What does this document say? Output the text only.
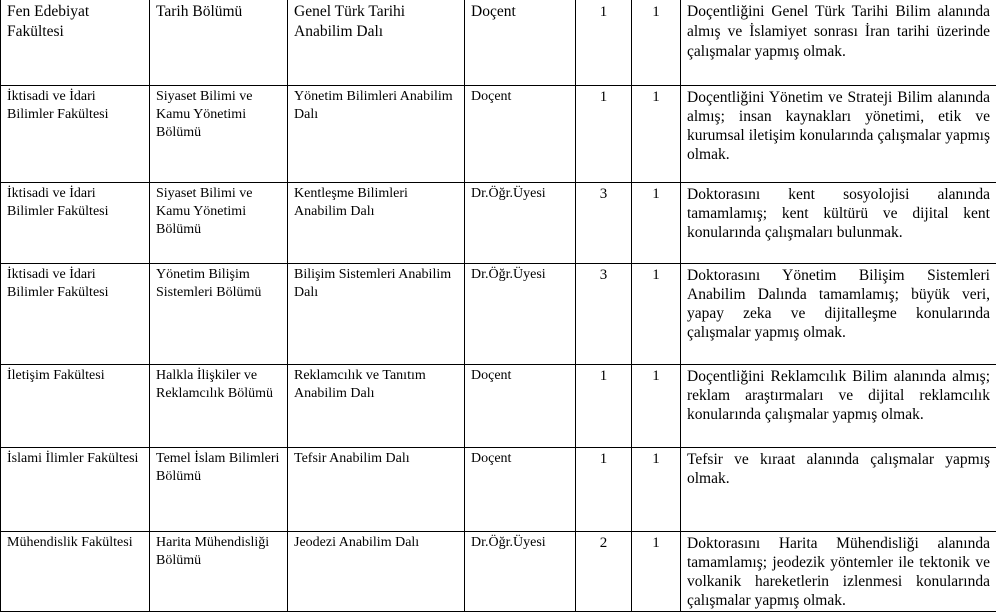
Fen Edebiyat Fakültesi	Tarih Bölümü	Genel Türk Tarihi Anabilim Dalı	Doçent	1	1	Doçentliğini Genel Türk Tarihi Bilim alanında almış ve İslamiyet sonrası İran tarihi üzerinde çalışmalar yapmış olmak.
İktisadi ve İdari Bilimler Fakültesi	Siyaset Bilimi ve Kamu Yönetimi Bölümü	Yönetim Bilimleri Anabilim Dalı	Doçent	1	1	Doçentliğini Yönetim ve Strateji Bilim alanında almış; insan kaynakları yönetimi, etik ve kurumsal iletişim konularında çalışmalar yapmış olmak.
İktisadi ve İdari Bilimler Fakültesi	Siyaset Bilimi ve Kamu Yönetimi Bölümü	Kentleşme Bilimleri Anabilim Dalı	Dr.Öğr.Üyesi	3	1	Doktorasını kent sosyolojisi alanında tamamlamış; kent kültürü ve dijital kent konularında çalışmaları bulunmak.
İktisadi ve İdari Bilimler Fakültesi	Yönetim Bilişim Sistemleri Bölümü	Bilişim Sistemleri Anabilim Dalı	Dr.Öğr.Üyesi	3	1	Doktorasını Yönetim Bilişim Sistemleri Anabilim Dalında tamamlamış; büyük veri, yapay zeka ve dijitalleşme konularında çalışmalar yapmış olmak.
İletişim Fakültesi	Halkla İlişkiler ve Reklamcılık Bölümü	Reklamcılık ve Tanıtım Anabilim Dalı	Doçent	1	1	Doçentliğini Reklamcılık Bilim alanında almış; reklam araştırmaları ve dijital reklamcılık konularında çalışmalar yapmış olmak.
İslami İlimler Fakültesi	Temel İslam Bilimleri Bölümü	Tefsir Anabilim Dalı	Doçent	1	1	Tefsir ve kıraat alanında çalışmalar yapmış olmak.
Mühendislik Fakültesi	Harita Mühendisliği Bölümü	Jeodezi Anabilim Dalı	Dr.Öğr.Üyesi	2	1	Doktorasını Harita Mühendisliği alanında tamamlamış; jeodezik yöntemler ile tektonik ve volkanik hareketlerin izlenmesi konularında çalışmalar yapmış olmak.
